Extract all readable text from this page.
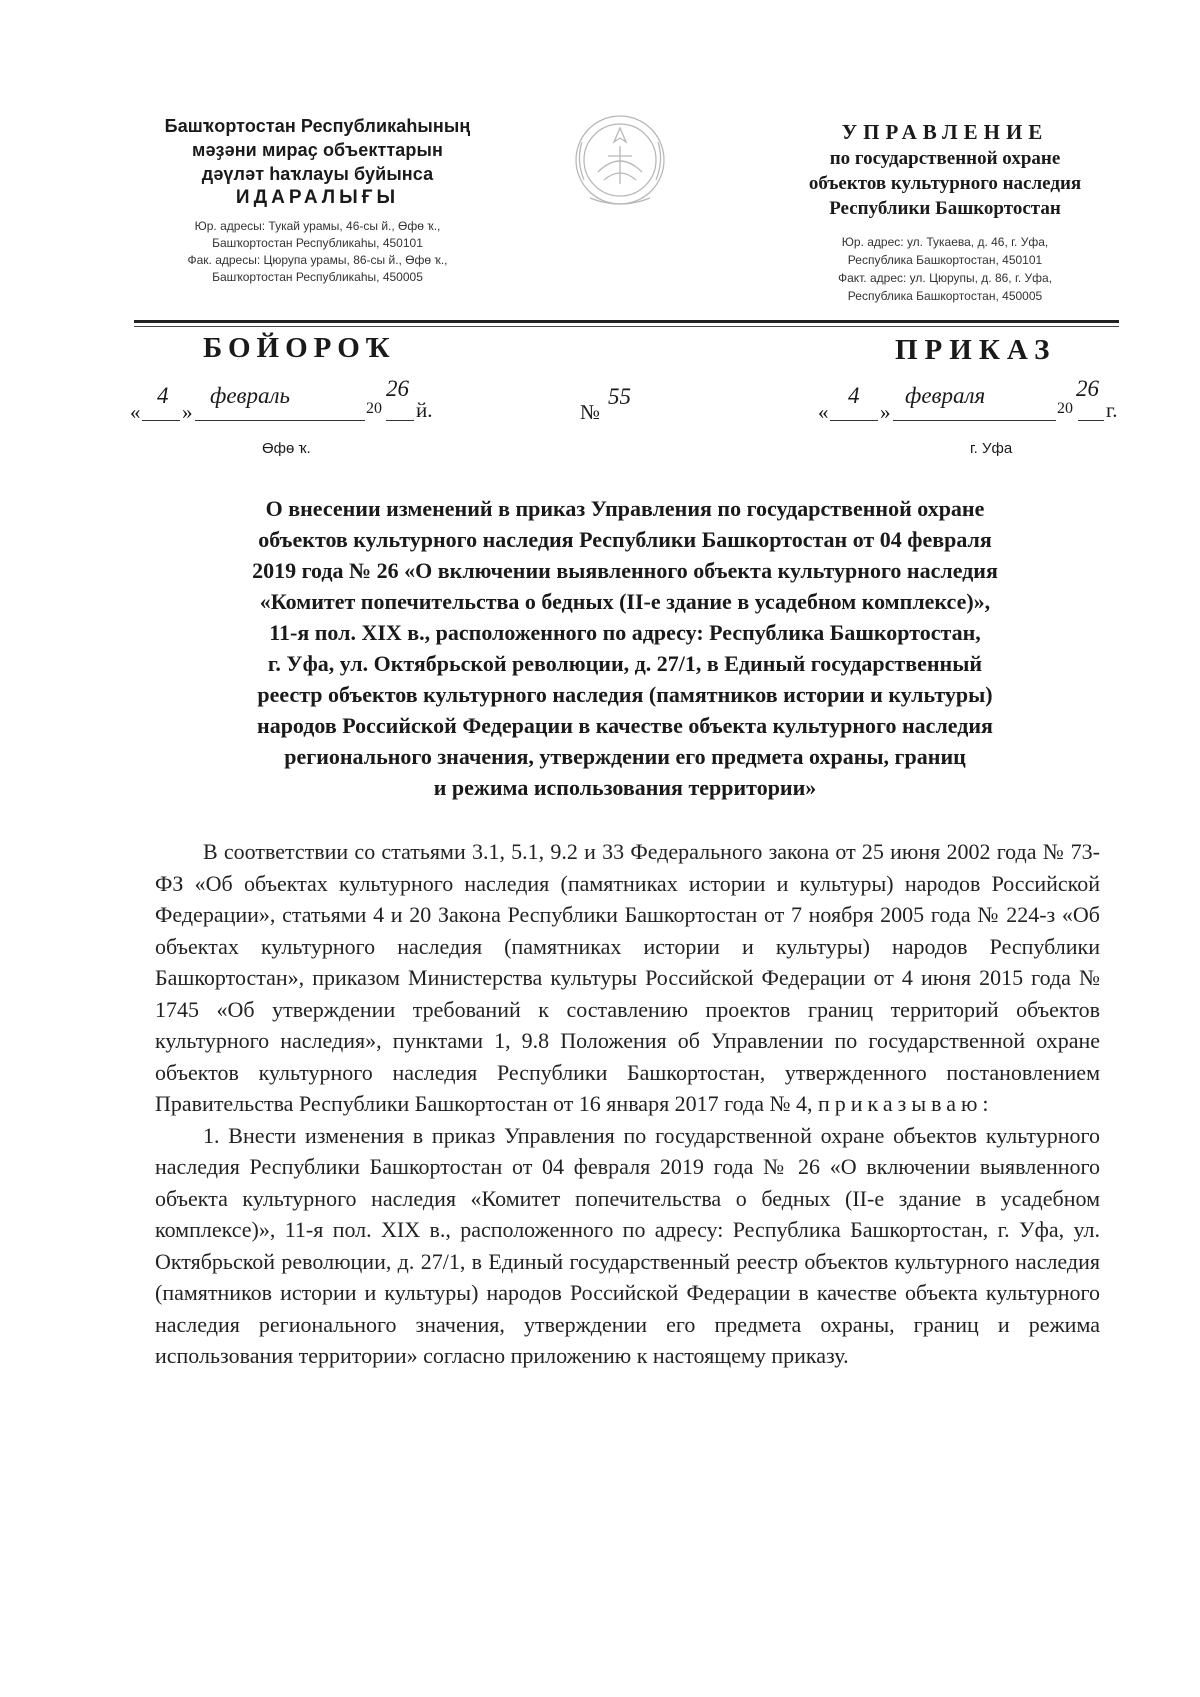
Башҡортостан Республикаһының
мәҙәни мираҫ объекттарын
дәүләт һаҡлауы буйынса
ИДАРАЛЫҒЫ
Юр. адресы: Тукай урамы, 46-сы й., Өфө ҡ.,
Башҡортостан Республикаһы, 450101
Фак. адресы: Цюрупа урамы, 86-сы й., Өфө ҡ.,
Башҡортостан Республикаһы, 450005
УПРАВЛЕНИЕ
по государственной охране
объектов культурного наследия
Республики Башкортостан
Юр. адрес: ул. Тукаева, д. 46, г. Уфа,
Республика Башкортостан, 450101
Факт. адрес: ул. Цюрупы, д. 86, г. Уфа,
Республика Башкортостан, 450005
БОЙОРОҠ	ПРИКАЗ
«
4
»
февраль
20
26
й.	№
55
«
4
»
февраля
20
26
г.
Өфө ҡ.	г. Уфа
О внесении изменений в приказ Управления по государственной охране
объектов культурного наследия Республики Башкортостан от 04 февраля
2019 года № 26 «О включении выявленного объекта культурного наследия
«Комитет попечительства о бедных (II-е здание в усадебном комплексе)»,
11-я пол. XIX в., расположенного по адресу: Республика Башкортостан,
г. Уфа, ул. Октябрьской революции, д. 27/1, в Единый государственный
реестр объектов культурного наследия (памятников истории и культуры)
народов Российской Федерации в качестве объекта культурного наследия
регионального значения, утверждении его предмета охраны, границ
и режима использования территории»

В соответствии со статьями 3.1, 5.1, 9.2 и 33 Федерального закона от 25 июня 2002 года № 73-ФЗ «Об объектах культурного наследия (памятниках истории и культуры) народов Российской Федерации», статьями 4 и 20 Закона Республики Башкортостан от 7 ноября 2005 года № 224-з «Об объектах культурного наследия (памятниках истории и культуры) народов Республики Башкортостан», приказом Министерства культуры Российской Федерации от 4 июня 2015 года № 1745 «Об утверждении требований к составлению проектов границ территорий объектов культурного наследия», пунктами 1, 9.8 Положения об Управлении по государственной охране объектов культурного наследия Республики Башкортостан, утвержденного постановлением Правительства Республики Башкортостан от 16 января 2017 года № 4, приказываю:

1. Внести изменения в приказ Управления по государственной охране объектов культурного наследия Республики Башкортостан от 04 февраля 2019 года № 26 «О включении выявленного объекта культурного наследия «Комитет попечительства о бедных (II-е здание в усадебном комплексе)», 11-я пол. XIX в., расположенного по адресу: Республика Башкортостан, г. Уфа, ул. Октябрьской революции, д. 27/1, в Единый государственный реестр объектов культурного наследия (памятников истории и культуры) народов Российской Федерации в качестве объекта культурного наследия регионального значения, утверждении его предмета охраны, границ и режима использования территории» согласно приложению к настоящему приказу.
